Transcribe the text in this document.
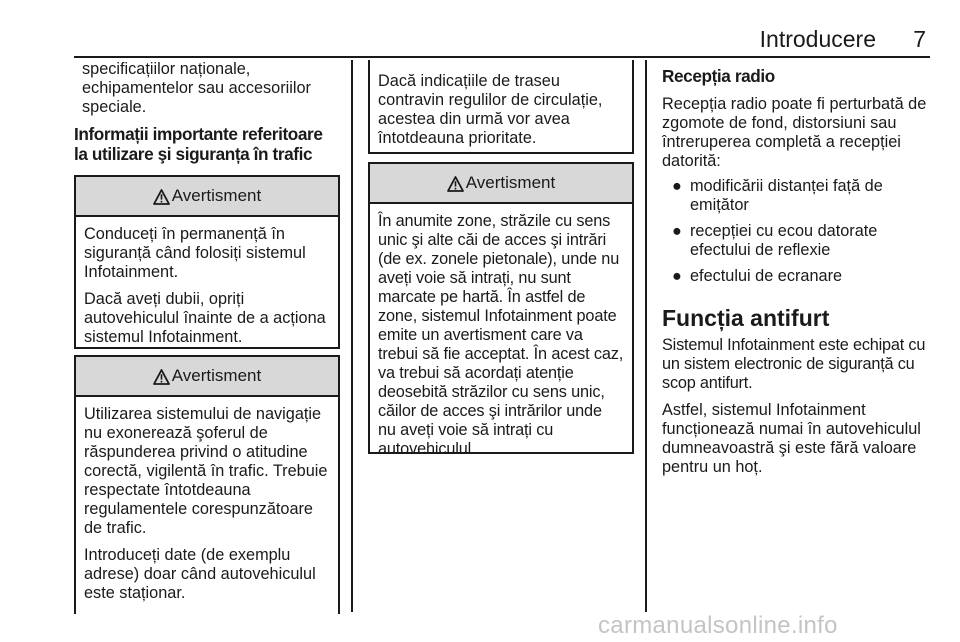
Introducere 7

specificațiilor naționale, echipamentelor sau accesoriilor speciale.

Informații importante referitoare la utilizare şi siguranța în trafic

Avertisment

Conduceți în permanență în siguranță când folosiți sistemul Infotainment.

Dacă aveți dubii, opriți autovehiculul înainte de a acționa sistemul Infotainment.

Avertisment

Utilizarea sistemului de navigație nu exonerează şoferul de răspunderea privind o atitudine corectă, vigilentă în trafic. Trebuie respectate întotdeauna regulamentele corespunzătoare de trafic.

Introduceți date (de exemplu adrese) doar când autovehiculul este staționar.

Dacă indicațiile de traseu contravin regulilor de circulație, acestea din urmă vor avea întotdeauna prioritate.

Avertisment

În anumite zone, străzile cu sens unic şi alte căi de acces şi intrări (de ex. zonele pietonale), unde nu aveți voie să intrați, nu sunt marcate pe hartă. În astfel de zone, sistemul Infotainment poate emite un avertisment care va trebui să fie acceptat. În acest caz, va trebui să acordați atenție deosebită străzilor cu sens unic, căilor de acces şi intrărilor unde nu aveți voie să intrați cu autovehiculul.

Recepția radio

Recepția radio poate fi perturbată de zgomote de fond, distorsiuni sau întreruperea completă a recepției datorită:

● modificării distanței față de emițător
● recepției cu ecou datorate efectului de reflexie
● efectului de ecranare

Funcția antifurt

Sistemul Infotainment este echipat cu un sistem electronic de siguranță cu scop antifurt.

Astfel, sistemul Infotainment funcționează numai în autovehiculul dumneavoastră şi este fără valoare pentru un hoț.

carmanualsonline.info
